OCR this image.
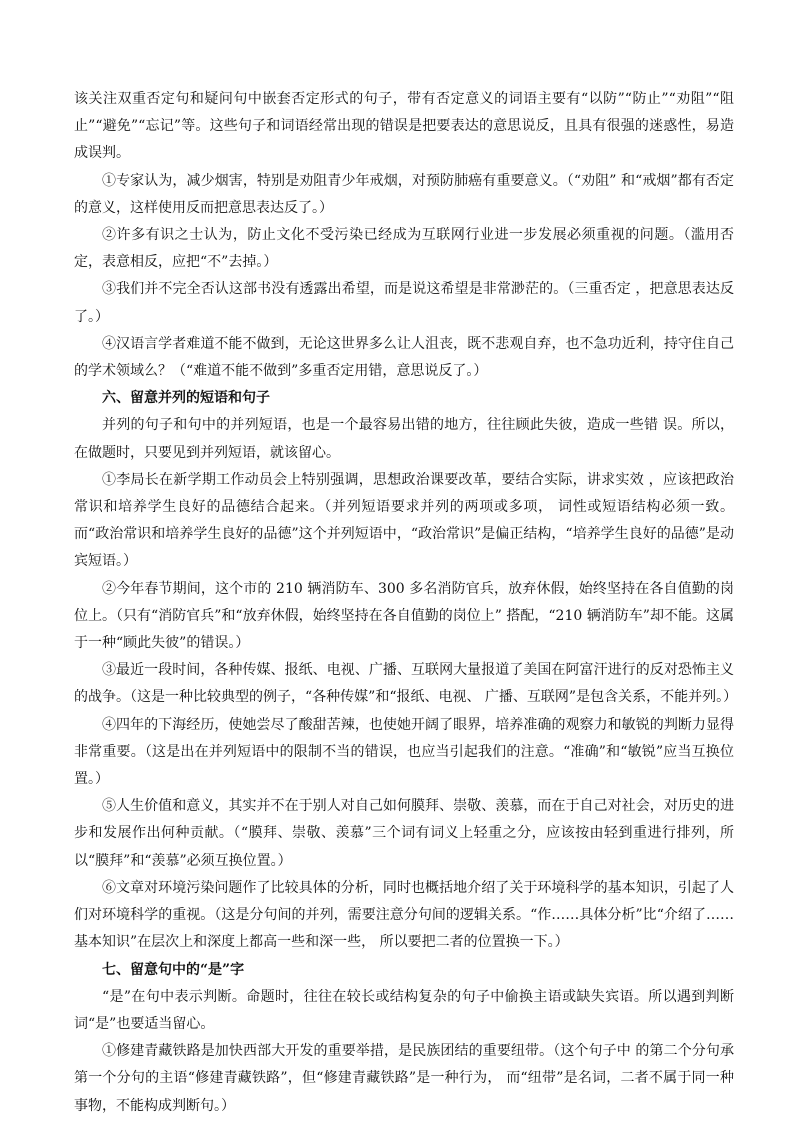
该关注双重否定句和疑问句中嵌套否定形式的句子，带有否定意义的词语主要有“以防”“防止”“劝阻”“阻止”“避免”“忘记”等。这些句子和词语经常出现的错误是把要表达的意思说反，且具有很强的迷惑性，易造成误判。

①专家认为，减少烟害，特别是劝阻青少年戒烟，对预防肺癌有重要意义。（“劝阻” 和“戒烟”都有否定的意义，这样使用反而把意思表达反了。）

②许多有识之士认为，防止文化不受污染已经成为互联网行业进一步发展必须重视的问题。（滥用否定，表意相反，应把“不”去掉。）

③我们并不完全否认这部书没有透露出希望，而是说这希望是非常渺茫的。（三重否定 ，把意思表达反了。）

④汉语言学者难道不能不做到，无论这世界多么让人沮丧，既不悲观自弃，也不急功近利，持守住自己的学术领域么？（“难道不能不做到”多重否定用错，意思说反了。）

六、留意并列的短语和句子

并列的句子和句中的并列短语，也是一个最容易出错的地方，往往顾此失彼，造成一些错 误。所以，在做题时，只要见到并列短语，就该留心。

①李局长在新学期工作动员会上特别强调，思想政治课要改革，要结合实际，讲求实效 ，应该把政治常识和培养学生良好的品德结合起来。（并列短语要求并列的两项或多项， 词性或短语结构必须一致。而“政治常识和培养学生良好的品德”这个并列短语中，“政治常识”是偏正结构，“培养学生良好的品德”是动宾短语。）

②今年春节期间，这个市的 210 辆消防车、300 多名消防官兵，放弃休假，始终坚持在各自值勤的岗位上。（只有“消防官兵”和“放弃休假，始终坚持在各自值勤的岗位上” 搭配，“210 辆消防车”却不能。这属于一种“顾此失彼”的错误。）

③最近一段时间，各种传媒、报纸、电视、广播、互联网大量报道了美国在阿富汗进行的反对恐怖主义的战争。（这是一种比较典型的例子，“各种传媒”和“报纸、电视、 广播、互联网”是包含关系，不能并列。）

④四年的下海经历，使她尝尽了酸甜苦辣，也使她开阔了眼界，培养准确的观察力和敏锐的判断力显得非常重要。（这是出在并列短语中的限制不当的错误，也应当引起我们的注意。“准确”和“敏锐”应当互换位置。）

⑤人生价值和意义，其实并不在于别人对自己如何膜拜、崇敬、羡慕，而在于自己对社会，对历史的进步和发展作出何种贡献。（“膜拜、崇敬、羡慕”三个词有词义上轻重之分，应该按由轻到重进行排列，所以“膜拜”和“羡慕”必须互换位置。）

⑥文章对环境污染问题作了比较具体的分析，同时也概括地介绍了关于环境科学的基本知识，引起了人们对环境科学的重视。（这是分句间的并列，需要注意分句间的逻辑关系。“作……具体分析”比“介绍了……基本知识”在层次上和深度上都高一些和深一些， 所以要把二者的位置换一下。）

七、留意句中的“是”字

“是”在句中表示判断。命题时，往往在较长或结构复杂的句子中偷换主语或缺失宾语。所以遇到判断词“是”也要适当留心。

①修建青藏铁路是加快西部大开发的重要举措，是民族团结的重要纽带。（这个句子中 的第二个分句承第一个分句的主语“修建青藏铁路”，但“修建青藏铁路”是一种行为， 而“纽带”是名词，二者不属于同一种事物，不能构成判断句。）
